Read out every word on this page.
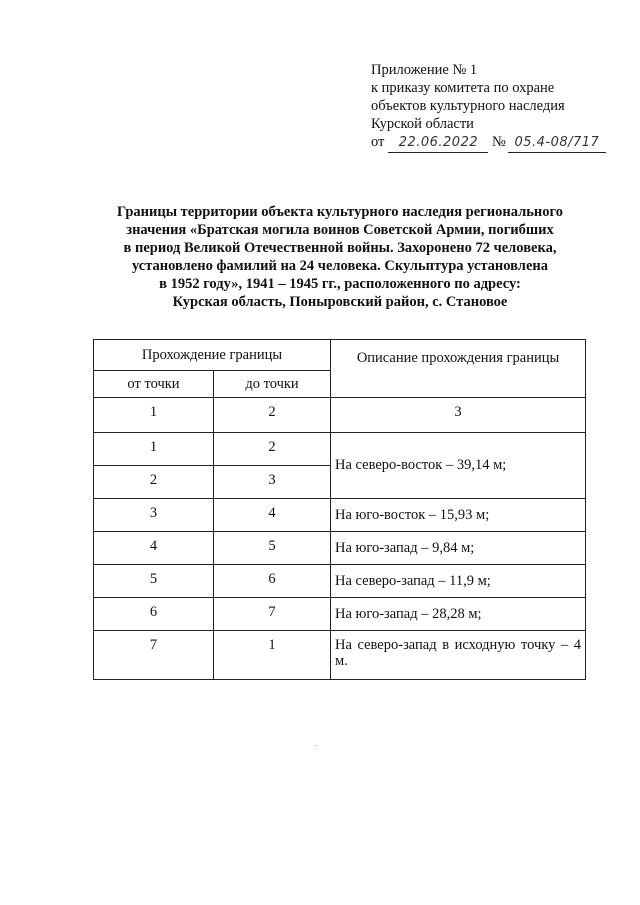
Приложение № 1
к приказу комитета по охране
объектов культурного наследия
Курской области
от 22.06.2022 № 05.4-08/717
Границы территории объекта культурного наследия регионального
значения «Братская могила воинов Советской Армии, погибших
в период Великой Отечественной войны. Захоронено 72 человека,
установлено фамилий на 24 человека. Скульптура установлена
в 1952 году», 1941 – 1945 гг., расположенного по адресу:
Курская область, Поныровский район, с. Становое
Прохождение границы		Описание прохождения границы
от точки	до точки	
1	2	3
1	2	На северо-восток – 39,14 м;
2	3	
3	4	На юго-восток – 15,93 м;
4	5	На юго-запад – 9,84 м;
5	6	На северо-запад – 11,9 м;
6	7	На юго-запад – 28,28 м;
7	1	На северо-запад в исходную точку – 4 м.
